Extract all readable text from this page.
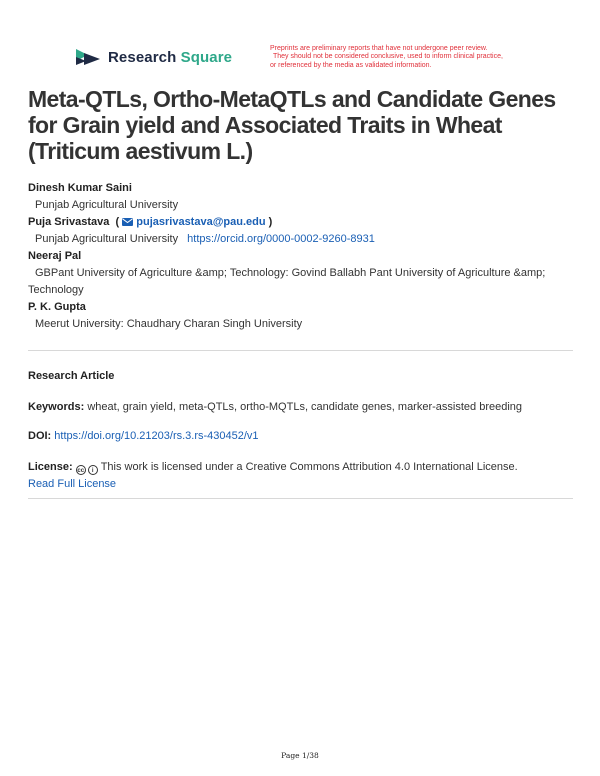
Research Square	Preprints are preliminary reports that have not undergone peer review.
They should not be considered conclusive, used to inform clinical practice,
or referenced by the media as validated information.
Meta-QTLs, Ortho-MetaQTLs and Candidate Genes for Grain yield and Associated Traits in Wheat (Triticum aestivum L.)
Dinesh Kumar Saini
Punjab Agricultural University
Puja Srivastava  ( pujasrivastava@pau.edu )
Punjab Agricultural University https://orcid.org/0000-0002-9260-8931
Neeraj Pal
GBPant University of Agriculture &amp; Technology: Govind Ballabh Pant University of Agriculture &amp; Technology
P. K. Gupta
Meerut University: Chaudhary Charan Singh University
Research Article
Keywords: wheat, grain yield, meta-QTLs, ortho-MQTLs, candidate genes, marker-assisted breeding
DOI: https://doi.org/10.21203/rs.3.rs-430452/v1
License: cc	i This work is licensed under a Creative Commons Attribution 4.0 International License.
Read Full License
Page 1/38
